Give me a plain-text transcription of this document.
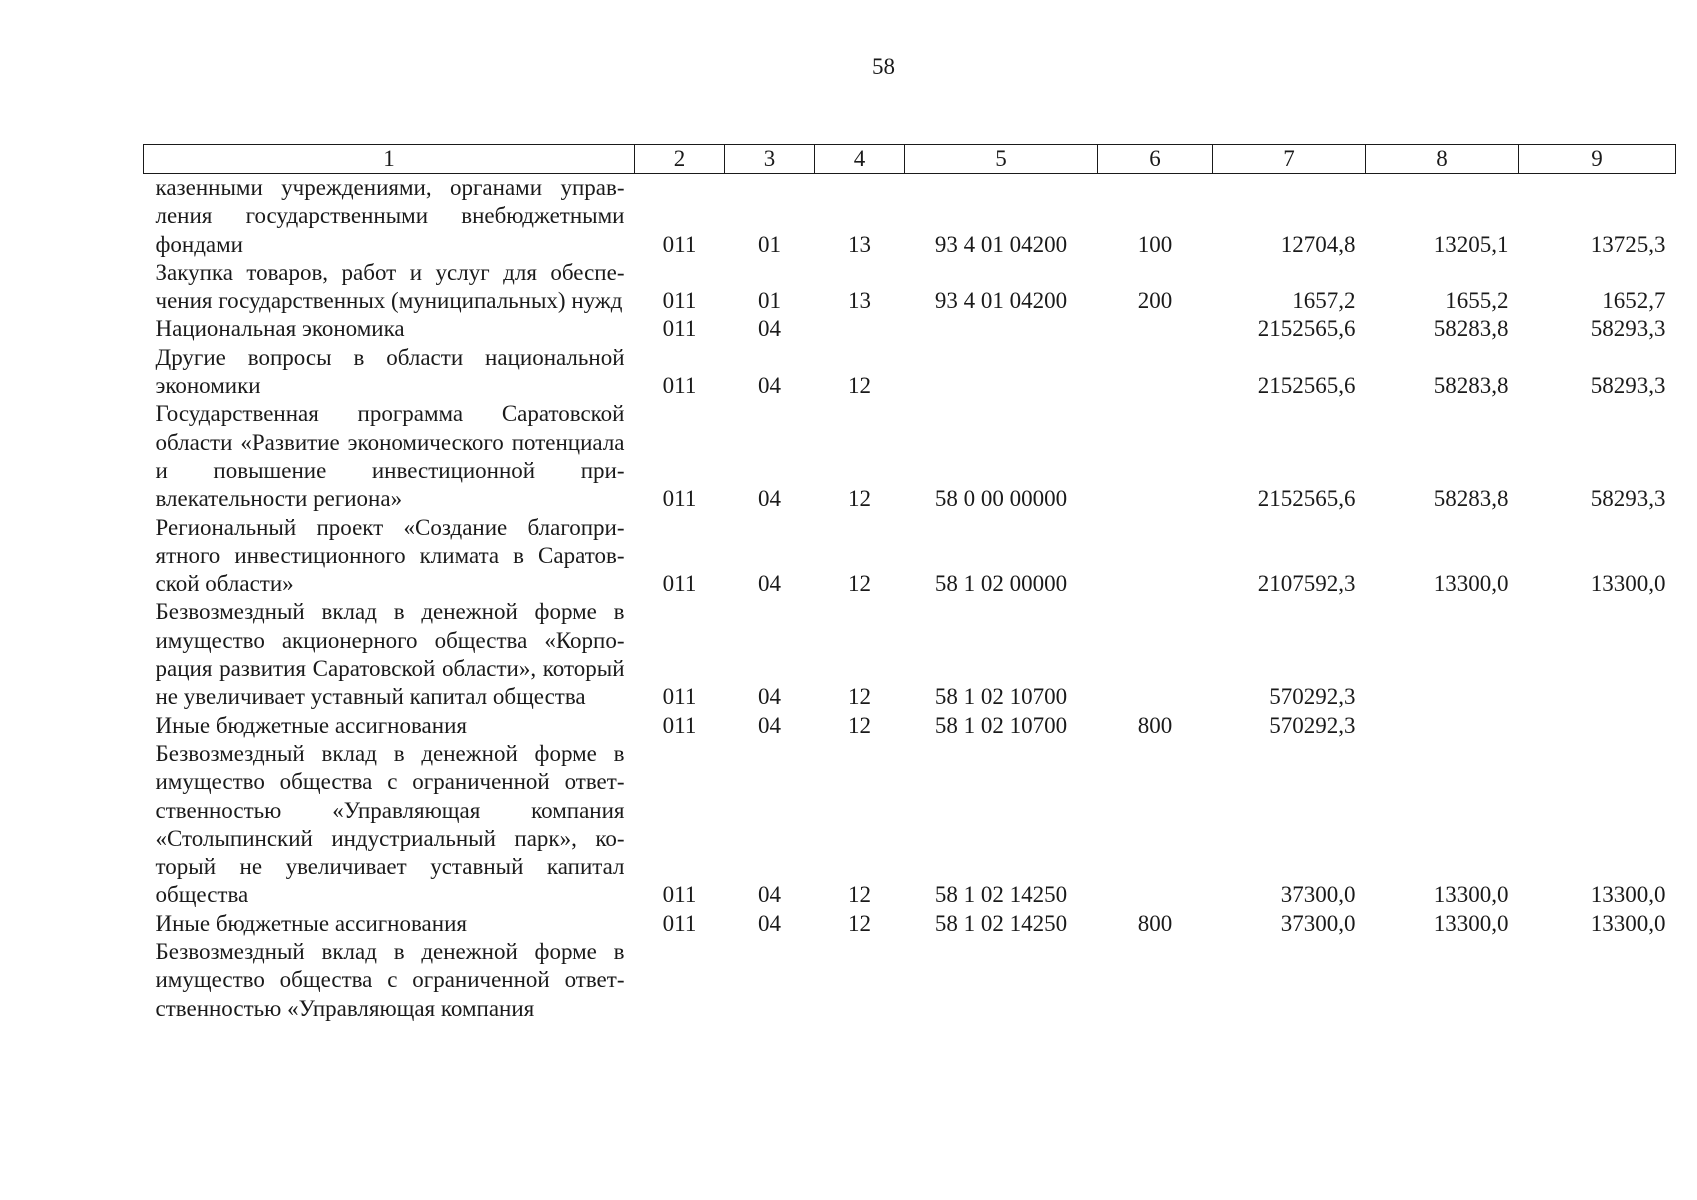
58
1	2	3	4	5	6	7	8	9
казенными учреждениями, органами управления государственными внебюджетными фондами	011	01	13	93 4 01 04200	100	12704,8	13205,1	13725,3
Закупка товаров, работ и услуг для обеспечения государственных (муниципальных) нужд	011	01	13	93 4 01 04200	200	1657,2	1655,2	1652,7
Национальная экономика	011	04				2152565,6	58283,8	58293,3
Другие вопросы в области национальной экономики	011	04	12			2152565,6	58283,8	58293,3
Государственная программа Саратовской области «Развитие экономического потенциала и повышение инвестиционной привлекательности региона»	011	04	12	58 0 00 00000		2152565,6	58283,8	58293,3
Региональный проект «Создание благоприятного инвестиционного климата в Саратовской области»	011	04	12	58 1 02 00000		2107592,3	13300,0	13300,0
Безвозмездный вклад в денежной форме в имущество акционерного общества «Корпорация развития Саратовской области», который не увеличивает уставный капитал общества	011	04	12	58 1 02 10700		570292,3		
Иные бюджетные ассигнования	011	04	12	58 1 02 10700	800	570292,3		
Безвозмездный вклад в денежной форме в имущество общества с ограниченной ответственностью «Управляющая компания «Столыпинский индустриальный парк», который не увеличивает уставный капитал общества	011	04	12	58 1 02 14250		37300,0	13300,0	13300,0
Иные бюджетные ассигнования	011	04	12	58 1 02 14250	800	37300,0	13300,0	13300,0
Безвозмездный вклад в денежной форме в имущество общества с ограниченной ответственностью «Управляющая компания								
